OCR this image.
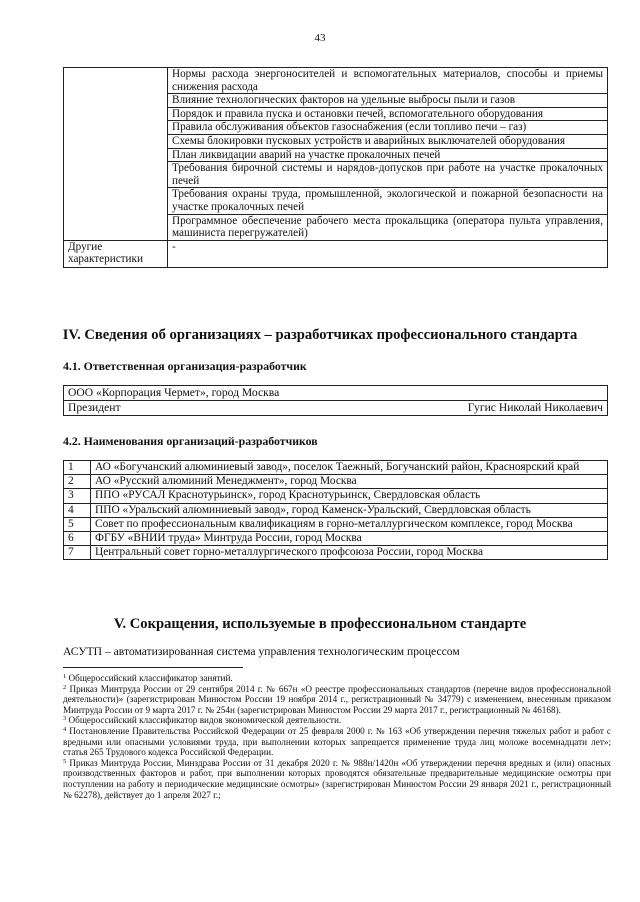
43
	Нормы расхода энергоносителей и вспомогательных материалов, способы и приемы снижения расхода
	Влияние технологических факторов на удельные выбросы пыли и газов
	Порядок и правила пуска и остановки печей, вспомогательного оборудования
	Правила обслуживания объектов газоснабжения (если топливо печи – газ)
	Схемы блокировки пусковых устройств и аварийных выключателей оборудования
	План ликвидации аварий на участке прокалочных печей
	Требования бирочной системы и нарядов-допусков при работе на участке прокалочных печей
	Требования охраны труда, промышленной, экологической и пожарной безопасности на участке прокалочных печей
	Программное обеспечение рабочего места прокальщика (оператора пульта управления, машиниста перегружателей)
Другие характеристики	-
IV. Сведения об организациях – разработчиках профессионального стандарта
4.1. Ответственная организация-разработчик
ООО «Корпорация Чермет», город Москва

Президент	Гугис Николай Николаевич
4.2. Наименования организаций-разработчиков
1	АО «Богучанский алюминиевый завод», поселок Таежный, Богучанский район, Красноярский край
2	АО «Русский алюминий Менеджмент», город Москва
3	ППО «РУСАЛ Краснотурьинск», город Краснотурьинск, Свердловская область
4	ППО «Уральский алюминиевый завод», город Каменск-Уральский, Свердловская область
5	Совет по профессиональным квалификациям в горно-металлургическом комплексе, город Москва
6	ФГБУ «ВНИИ труда» Минтруда России, город Москва
7	Центральный совет горно-металлургического профсоюза России, город Москва
V. Сокращения, используемые в профессиональном стандарте
АСУТП – автоматизированная система управления технологическим процессом

$^1$ Общероссийский классификатор занятий.

$^2$ Приказ Минтруда России от 29 сентября 2014 г. № 667н «О реестре профессиональных стандартов (перечне видов профессиональной деятельности)» (зарегистрирован Минюстом России 19 ноября 2014 г., регистрационный № 34779) с изменением, внесенным приказом Минтруда России от 9 марта 2017 г. № 254н (зарегистрирован Минюстом России 29 марта 2017 г., регистрационный № 46168).

$^3$ Общероссийский классификатор видов экономической деятельности.

$^4$ Постановление Правительства Российской Федерации от 25 февраля 2000 г. № 163 «Об утверждении перечня тяжелых работ и работ с вредными или опасными условиями труда, при выполнении которых запрещается применение труда лиц моложе восемнадцати лет»; статья 265 Трудового кодекса Российской Федерации.

$^5$ Приказ Минтруда России, Минздрава России от 31 декабря 2020 г. № 988н/1420н «Об утверждении перечня вредных и (или) опасных производственных факторов и работ, при выполнении которых проводятся обязательные предварительные медицинские осмотры при поступлении на работу и периодические медицинские осмотры» (зарегистрирован Минюстом России 29 января 2021 г., регистрационный № 62278), действует до 1 апреля 2027 г.;
